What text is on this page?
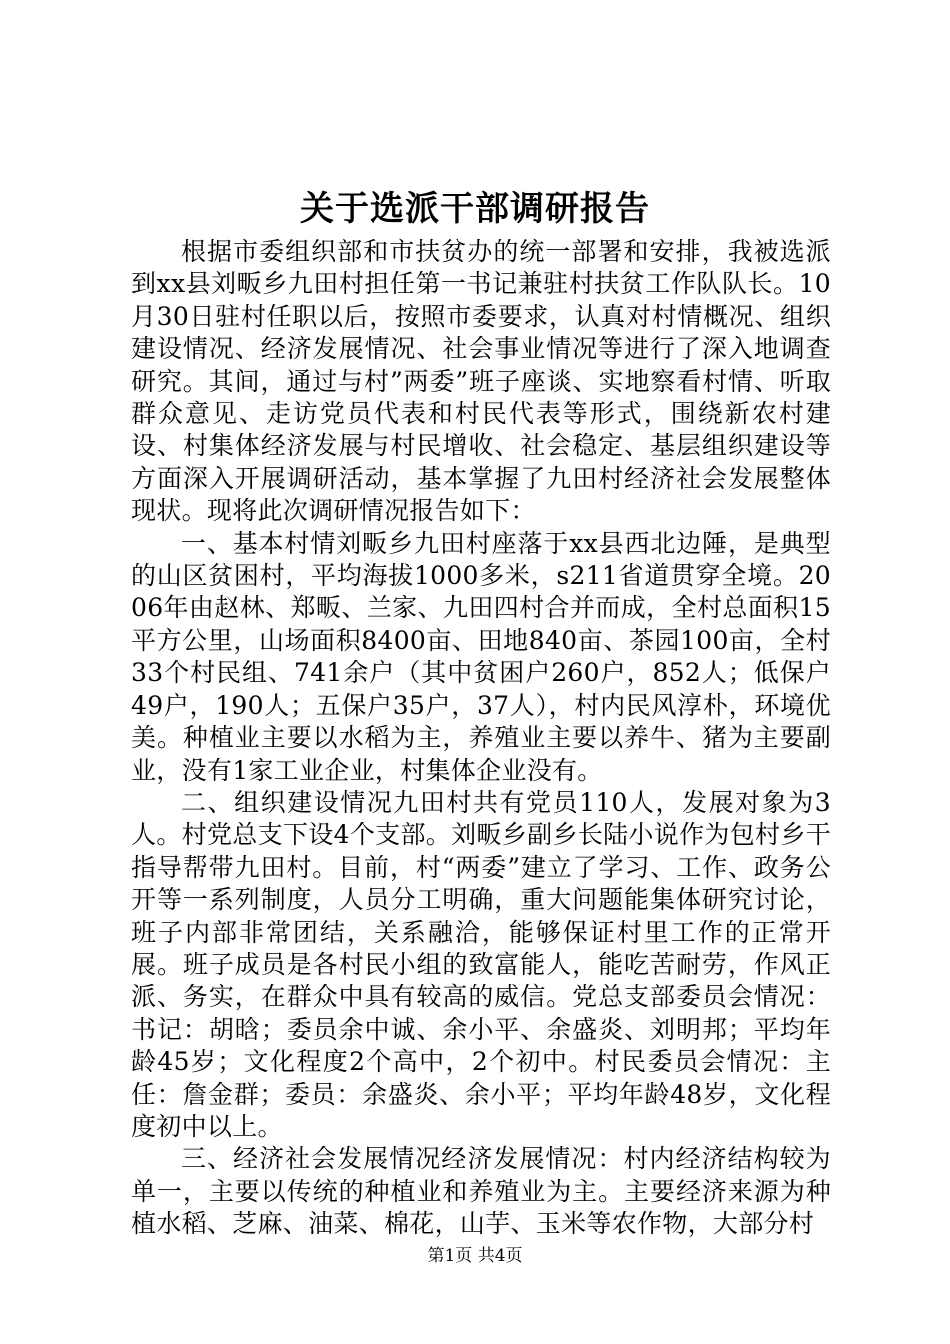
关于选派干部调研报告

根据市委组织部和市扶贫办的统一部署和安排，我被选派到xx县刘畈乡九田村担任第一书记兼驻村扶贫工作队队长。10月30日驻村任职以后，按照市委要求，认真对村情概况、组织建设情况、经济发展情况、社会事业情况等进行了深入地调查研究。其间，通过与村”两委”班子座谈、实地察看村情、听取群众意见、走访党员代表和村民代表等形式，围绕新农村建设、村集体经济发展与村民增收、社会稳定、基层组织建设等方面深入开展调研活动，基本掌握了九田村经济社会发展整体现状。现将此次调研情况报告如下：

一、基本村情刘畈乡九田村座落于xx县西北边陲，是典型的山区贫困村，平均海拔1000多米，s211省道贯穿全境。2006年由赵林、郑畈、兰家、九田四村合并而成，全村总面积15平方公里，山场面积8400亩、田地840亩、茶园100亩，全村33个村民组、741余户（其中贫困户260户，852人；低保户49户，190人；五保户35户，37人），村内民风淳朴，环境优美。种植业主要以水稻为主，养殖业主要以养牛、猪为主要副业，没有1家工业企业，村集体企业没有。

二、组织建设情况九田村共有党员110人，发展对象为3人。村党总支下设4个支部。刘畈乡副乡长陆小说作为包村乡干指导帮带九田村。目前，村“两委”建立了学习、工作、政务公开等一系列制度，人员分工明确，重大问题能集体研究讨论，班子内部非常团结，关系融洽，能够保证村里工作的正常开展。班子成员是各村民小组的致富能人，能吃苦耐劳，作风正派、务实，在群众中具有较高的威信。党总支部委员会情况：书记：胡晗；委员余中诚、余小平、余盛炎、刘明邦；平均年龄45岁；文化程度2个高中，2个初中。村民委员会情况：主任：詹金群；委员：余盛炎、余小平；平均年龄48岁，文化程度初中以上。

三、经济社会发展情况经济发展情况：村内经济结构较为单一，主要以传统的种植业和养殖业为主。主要经济来源为种植水稻、芝麻、油菜、棉花，山芋、玉米等农作物，大部分村

第1页 共4页
